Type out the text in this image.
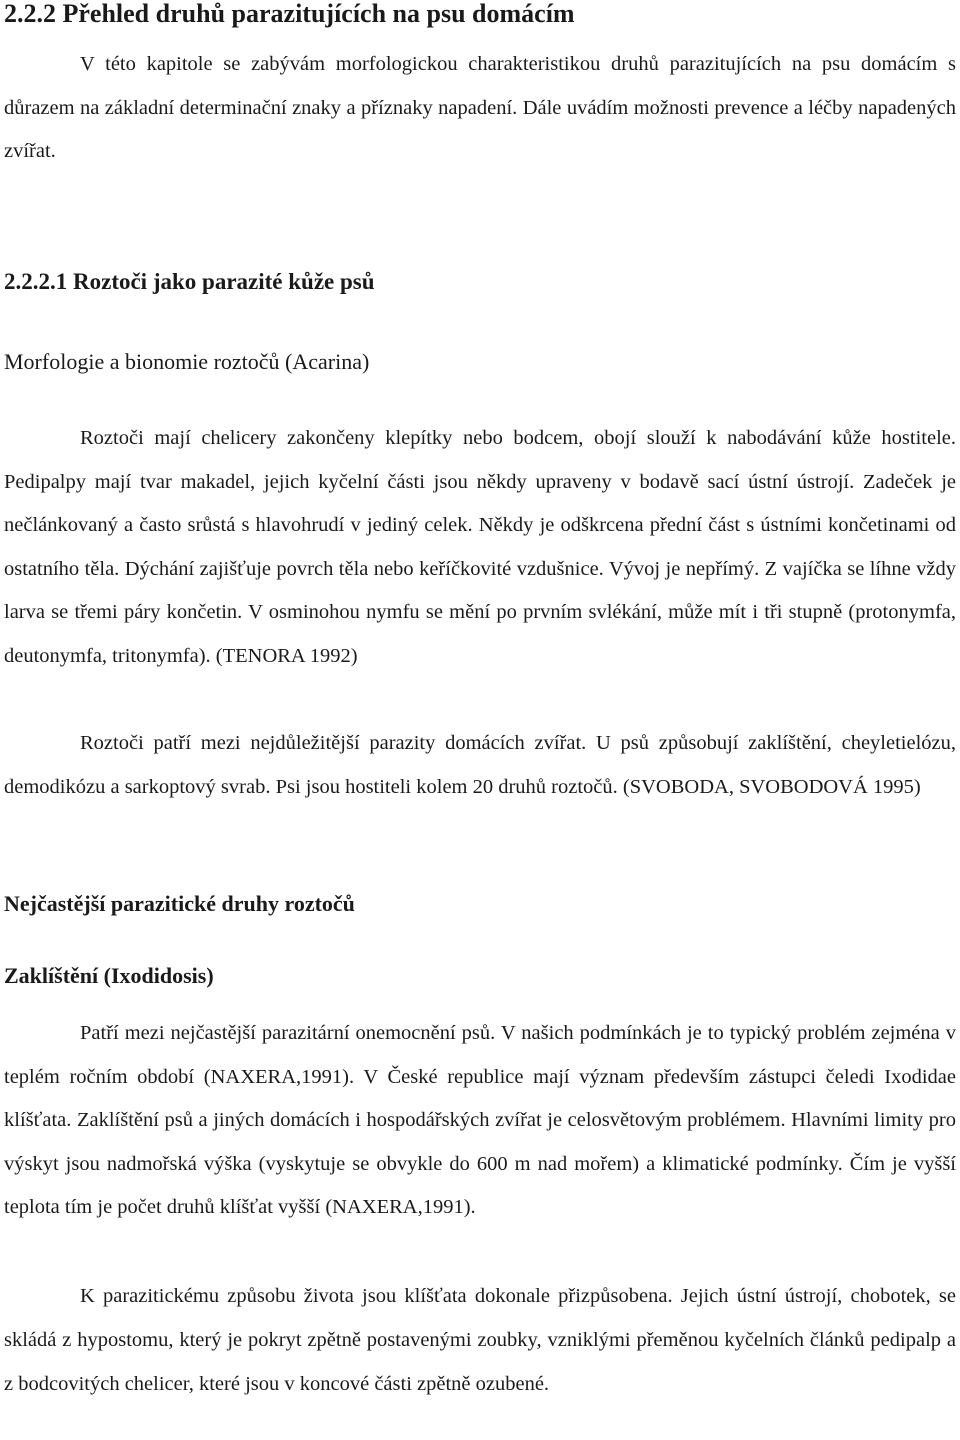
2.2.2 Přehled druhů parazitujících na psu domácím

V této kapitole se zabývám morfologickou charakteristikou druhů parazitujících na psu domácím s důrazem na základní determinační znaky a příznaky napadení. Dále uvádím možnosti prevence a léčby napadených zvířat.

2.2.2.1 Roztoči jako parazité kůže psů
Morfologie a bionomie roztočů (Acarina)

Roztoči mají chelicery zakončeny klepítky nebo bodcem, obojí slouží k nabodávání kůže hostitele. Pedipalpy mají tvar makadel, jejich kyčelní části jsou někdy upraveny v bodavě sací ústní ústrojí. Zadeček je nečlánkovaný a často srůstá s hlavohrudí v jediný celek. Někdy je odškrcena přední část s ústními končetinami od ostatního těla. Dýchání zajišťuje povrch těla nebo keříčkovité vzdušnice. Vývoj je nepřímý. Z vajíčka se líhne vždy larva se třemi páry končetin. V osminohou nymfu se mění po prvním svlékání, může mít i tři stupně (protonymfa, deutonymfa, tritonymfa). (TENORA 1992)

Roztoči patří mezi nejdůležitější parazity domácích zvířat. U psů způsobují zaklíštění, cheyletielózu, demodikózu a sarkoptový svrab. Psi jsou hostiteli kolem 20 druhů roztočů. (SVOBODA, SVOBODOVÁ 1995)

Nejčastější parazitické druhy roztočů
Zaklíštění (Ixodidosis)

Patří mezi nejčastější parazitární onemocnění psů. V našich podmínkách je to typický problém zejména v teplém ročním období (NAXERA,1991). V České republice mají význam především zástupci čeledi Ixodidae klíšťata. Zaklíštění psů a jiných domácích i hospodářských zvířat je celosvětovým problémem. Hlavními limity pro výskyt jsou nadmořská výška (vyskytuje se obvykle do 600 m nad mořem) a klimatické podmínky. Čím je vyšší teplota tím je počet druhů klíšťat vyšší (NAXERA,1991).

K parazitickému způsobu života jsou klíšťata dokonale přizpůsobena. Jejich ústní ústrojí, chobotek, se skládá z hypostomu, který je pokryt zpětně postavenými zoubky, vzniklými přeměnou kyčelních článků pedipalp a z bodcovitých chelicer, které jsou v koncové části zpětně ozubené.
